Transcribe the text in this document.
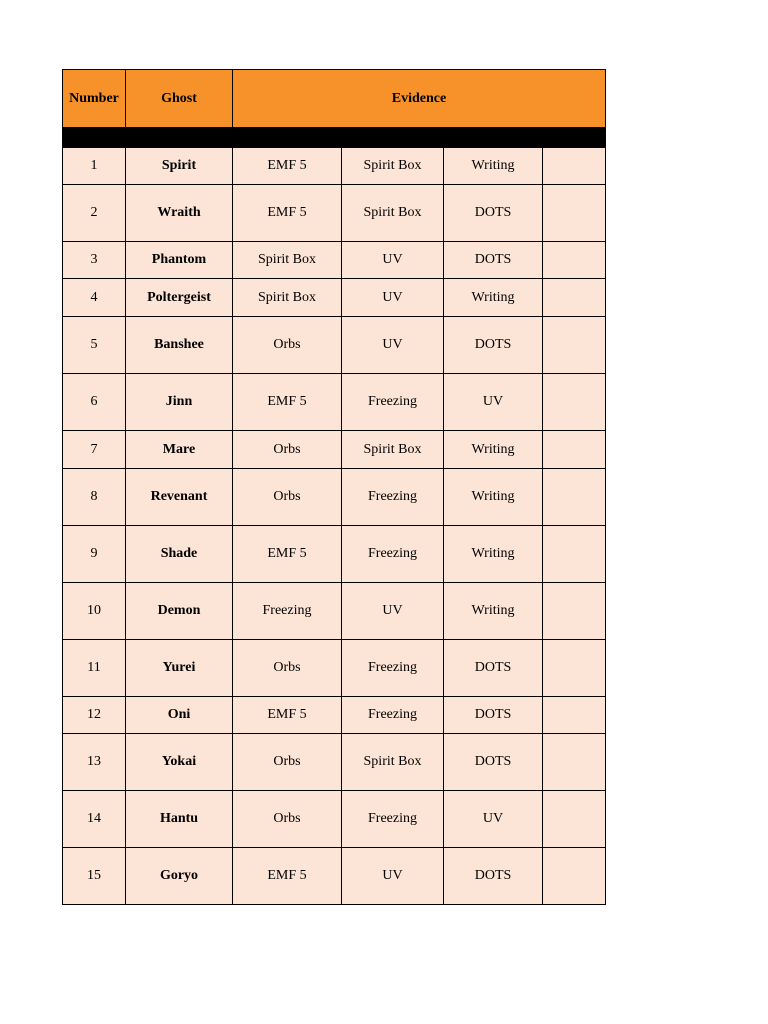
Number	Ghost	Evidence			

1	Spirit	EMF 5	Spirit Box	Writing	
2	Wraith	EMF 5	Spirit Box	DOTS	
3	Phantom	Spirit Box	UV	DOTS	
4	Poltergeist	Spirit Box	UV	Writing	
5	Banshee	Orbs	UV	DOTS	
6	Jinn	EMF 5	Freezing	UV	
7	Mare	Orbs	Spirit Box	Writing	
8	Revenant	Orbs	Freezing	Writing	
9	Shade	EMF 5	Freezing	Writing	
10	Demon	Freezing	UV	Writing	
11	Yurei	Orbs	Freezing	DOTS	
12	Oni	EMF 5	Freezing	DOTS	
13	Yokai	Orbs	Spirit Box	DOTS	
14	Hantu	Orbs	Freezing	UV	
15	Goryo	EMF 5	UV	DOTS	
